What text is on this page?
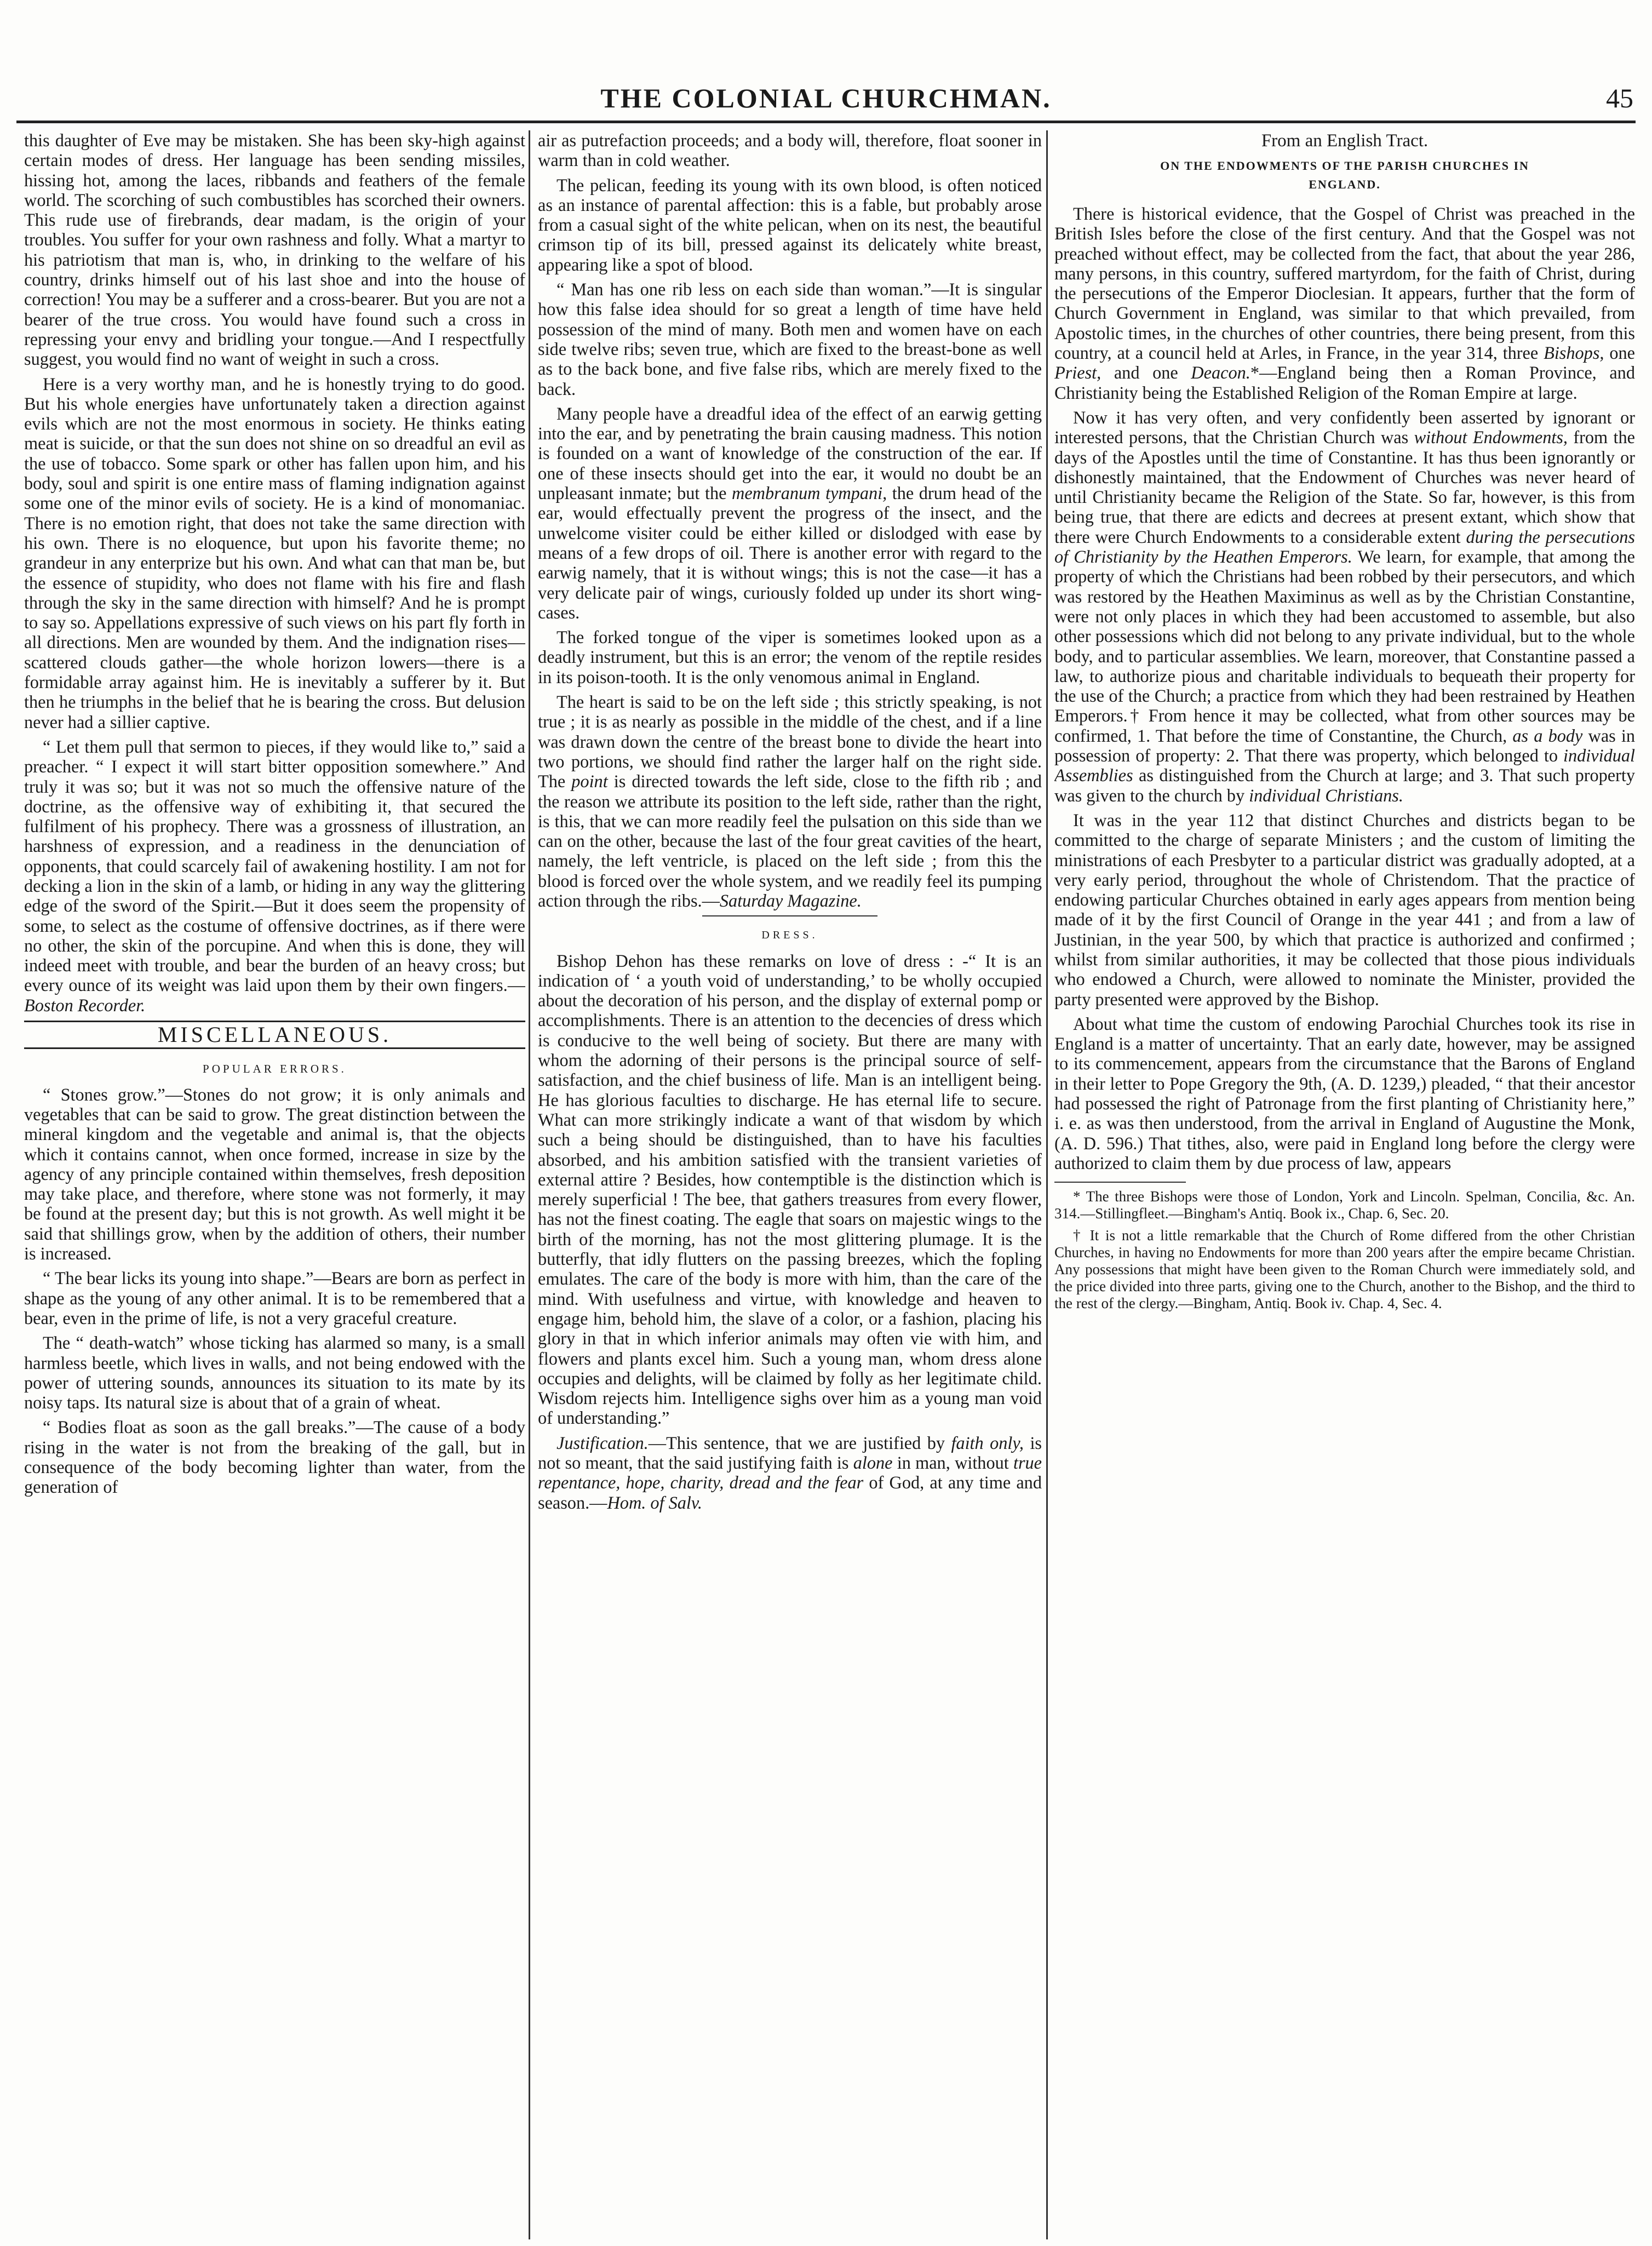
THE COLONIAL CHURCHMAN.	45

this daughter of Eve may be mistaken. She has been sky-high against certain modes of dress. Her language has been sending missiles, hissing hot, among the laces, ribbands and feathers of the female world. The scorching of such combustibles has scorched their owners. This rude use of firebrands, dear madam, is the origin of your troubles. You suffer for your own rashness and folly. What a martyr to his patriotism that man is, who, in drinking to the welfare of his country, drinks himself out of his last shoe and into the house of correction! You may be a sufferer and a cross-bearer. But you are not a bearer of the true cross. You would have found such a cross in repressing your envy and bridling your tongue.—And I respectfully suggest, you would find no want of weight in such a cross.

Here is a very worthy man, and he is honestly trying to do good. But his whole energies have unfortunately taken a direction against evils which are not the most enormous in society. He thinks eating meat is suicide, or that the sun does not shine on so dreadful an evil as the use of tobacco. Some spark or other has fallen upon him, and his body, soul and spirit is one entire mass of flaming indignation against some one of the minor evils of society. He is a kind of monomaniac. There is no emotion right, that does not take the same direction with his own. There is no eloquence, but upon his favorite theme; no grandeur in any enterprize but his own. And what can that man be, but the essence of stupidity, who does not flame with his fire and flash through the sky in the same direction with himself? And he is prompt to say so. Appellations expressive of such views on his part fly forth in all directions. Men are wounded by them. And the indignation rises—scattered clouds gather—the whole horizon lowers—there is a formidable array against him. He is inevitably a sufferer by it. But then he triumphs in the belief that he is bearing the cross. But delusion never had a sillier captive.

“ Let them pull that sermon to pieces, if they would like to,” said a preacher. “ I expect it will start bitter opposition somewhere.” And truly it was so; but it was not so much the offensive nature of the doctrine, as the offensive way of exhibiting it, that secured the fulfilment of his prophecy. There was a grossness of illustration, an harshness of expression, and a readiness in the denunciation of opponents, that could scarcely fail of awakening hostility. I am not for decking a lion in the skin of a lamb, or hiding in any way the glittering edge of the sword of the Spirit.—But it does seem the propensity of some, to select as the costume of offensive doctrines, as if there were no other, the skin of the porcupine. And when this is done, they will indeed meet with trouble, and bear the burden of an heavy cross; but every ounce of its weight was laid upon them by their own fingers.—Boston Recorder.

MISCELLANEOUS.
POPULAR ERRORS.

“ Stones grow.”—Stones do not grow; it is only animals and vegetables that can be said to grow. The great distinction between the mineral kingdom and the vegetable and animal is, that the objects which it contains cannot, when once formed, increase in size by the agency of any principle contained within themselves, fresh deposition may take place, and therefore, where stone was not formerly, it may be found at the present day; but this is not growth. As well might it be said that shillings grow, when by the addition of others, their number is increased.

“ The bear licks its young into shape.”—Bears are born as perfect in shape as the young of any other animal. It is to be remembered that a bear, even in the prime of life, is not a very graceful creature.

The “ death-watch” whose ticking has alarmed so many, is a small harmless beetle, which lives in walls, and not being endowed with the power of uttering sounds, announces its situation to its mate by its noisy taps. Its natural size is about that of a grain of wheat.

“ Bodies float as soon as the gall breaks.”—The cause of a body rising in the water is not from the breaking of the gall, but in consequence of the body becoming lighter than water, from the generation of

air as putrefaction proceeds; and a body will, therefore, float sooner in warm than in cold weather.

The pelican, feeding its young with its own blood, is often noticed as an instance of parental affection: this is a fable, but probably arose from a casual sight of the white pelican, when on its nest, the beautiful crimson tip of its bill, pressed against its delicately white breast, appearing like a spot of blood.

“ Man has one rib less on each side than woman.”—It is singular how this false idea should for so great a length of time have held possession of the mind of many. Both men and women have on each side twelve ribs; seven true, which are fixed to the breast-bone as well as to the back bone, and five false ribs, which are merely fixed to the back.

Many people have a dreadful idea of the effect of an earwig getting into the ear, and by penetrating the brain causing madness. This notion is founded on a want of knowledge of the construction of the ear. If one of these insects should get into the ear, it would no doubt be an unpleasant inmate; but the membranum tympani, the drum head of the ear, would effectually prevent the progress of the insect, and the unwelcome visiter could be either killed or dislodged with ease by means of a few drops of oil. There is another error with regard to the earwig namely, that it is without wings; this is not the case—it has a very delicate pair of wings, curiously folded up under its short wing-cases.

The forked tongue of the viper is sometimes looked upon as a deadly instrument, but this is an error; the venom of the reptile resides in its poison-tooth. It is the only venomous animal in England.

The heart is said to be on the left side ; this strictly speaking, is not true ; it is as nearly as possible in the middle of the chest, and if a line was drawn down the centre of the breast bone to divide the heart into two portions, we should find rather the larger half on the right side. The point is directed towards the left side, close to the fifth rib ; and the reason we attribute its position to the left side, rather than the right, is this, that we can more readily feel the pulsation on this side than we can on the other, because the last of the four great cavities of the heart, namely, the left ventricle, is placed on the left side ; from this the blood is forced over the whole system, and we readily feel its pumping action through the ribs.—Saturday Magazine.

DRESS.

Bishop Dehon has these remarks on love of dress : -“ It is an indication of ‘ a youth void of understanding,’ to be wholly occupied about the decoration of his person, and the display of external pomp or accomplishments. There is an attention to the decencies of dress which is conducive to the well being of society. But there are many with whom the adorning of their persons is the principal source of self-satisfaction, and the chief business of life. Man is an intelligent being. He has glorious faculties to discharge. He has eternal life to secure. What can more strikingly indicate a want of that wisdom by which such a being should be distinguished, than to have his faculties absorbed, and his ambition satisfied with the transient varieties of external attire ? Besides, how contemptible is the distinction which is merely superficial ! The bee, that gathers treasures from every flower, has not the finest coating. The eagle that soars on majestic wings to the birth of the morning, has not the most glittering plumage. It is the butterfly, that idly flutters on the passing breezes, which the fopling emulates. The care of the body is more with him, than the care of the mind. With usefulness and virtue, with knowledge and heaven to engage him, behold him, the slave of a color, or a fashion, placing his glory in that in which inferior animals may often vie with him, and flowers and plants excel him. Such a young man, whom dress alone occupies and delights, will be claimed by folly as her legitimate child. Wisdom rejects him. Intelligence sighs over him as a young man void of understanding.”

Justification.—This sentence, that we are justified by faith only, is not so meant, that the said justifying faith is alone in man, without true repentance, hope, charity, dread and the fear of God, at any time and season.—Hom. of Salv.

From an English Tract.
ON THE ENDOWMENTS OF THE PARISH CHURCHES IN
ENGLAND.

There is historical evidence, that the Gospel of Christ was preached in the British Isles before the close of the first century. And that the Gospel was not preached without effect, may be collected from the fact, that about the year 286, many persons, in this country, suffered martyrdom, for the faith of Christ, during the persecutions of the Emperor Dioclesian. It appears, further that the form of Church Government in England, was similar to that which prevailed, from Apostolic times, in the churches of other countries, there being present, from this country, at a council held at Arles, in France, in the year 314, three Bishops, one Priest, and one Deacon.*—England being then a Roman Province, and Christianity being the Established Religion of the Roman Empire at large.

Now it has very often, and very confidently been asserted by ignorant or interested persons, that the Christian Church was without Endowments, from the days of the Apostles until the time of Constantine. It has thus been ignorantly or dishonestly maintained, that the Endowment of Churches was never heard of until Christianity became the Religion of the State. So far, however, is this from being true, that there are edicts and decrees at present extant, which show that there were Church Endowments to a considerable extent during the persecutions of Christianity by the Heathen Emperors. We learn, for example, that among the property of which the Christians had been robbed by their persecutors, and which was restored by the Heathen Maximinus as well as by the Christian Constantine, were not only places in which they had been accustomed to assemble, but also other possessions which did not belong to any private individual, but to the whole body, and to particular assemblies. We learn, moreover, that Constantine passed a law, to authorize pious and charitable individuals to bequeath their property for the use of the Church; a practice from which they had been restrained by Heathen Emperors.† From hence it may be collected, what from other sources may be confirmed, 1. That before the time of Constantine, the Church, as a body was in possession of property: 2. That there was property, which belonged to individual Assemblies as distinguished from the Church at large; and 3. That such property was given to the church by individual Christians.

It was in the year 112 that distinct Churches and districts began to be committed to the charge of separate Ministers ; and the custom of limiting the ministrations of each Presbyter to a particular district was gradually adopted, at a very early period, throughout the whole of Christendom. That the practice of endowing particular Churches obtained in early ages appears from mention being made of it by the first Council of Orange in the year 441 ; and from a law of Justinian, in the year 500, by which that practice is authorized and confirmed ; whilst from similar authorities, it may be collected that those pious individuals who endowed a Church, were allowed to nominate the Minister, provided the party presented were approved by the Bishop.

About what time the custom of endowing Parochial Churches took its rise in England is a matter of uncertainty. That an early date, however, may be assigned to its commencement, appears from the circumstance that the Barons of England in their letter to Pope Gregory the 9th, (A. D. 1239,) pleaded, “ that their ancestor had possessed the right of Patronage from the first planting of Christianity here,” i. e. as was then understood, from the arrival in England of Augustine the Monk, (A. D. 596.) That tithes, also, were paid in England long before the clergy were authorized to claim them by due process of law, appears

* The three Bishops were those of London, York and Lincoln. Spelman, Concilia, &c. An. 314.—Stillingfleet.—Bingham's Antiq. Book ix., Chap. 6, Sec. 20.

† It is not a little remarkable that the Church of Rome differed from the other Christian Churches, in having no Endowments for more than 200 years after the empire became Christian. Any possessions that might have been given to the Roman Church were immediately sold, and the price divided into three parts, giving one to the Church, another to the Bishop, and the third to the rest of the clergy.—Bingham, Antiq. Book iv. Chap. 4, Sec. 4.
